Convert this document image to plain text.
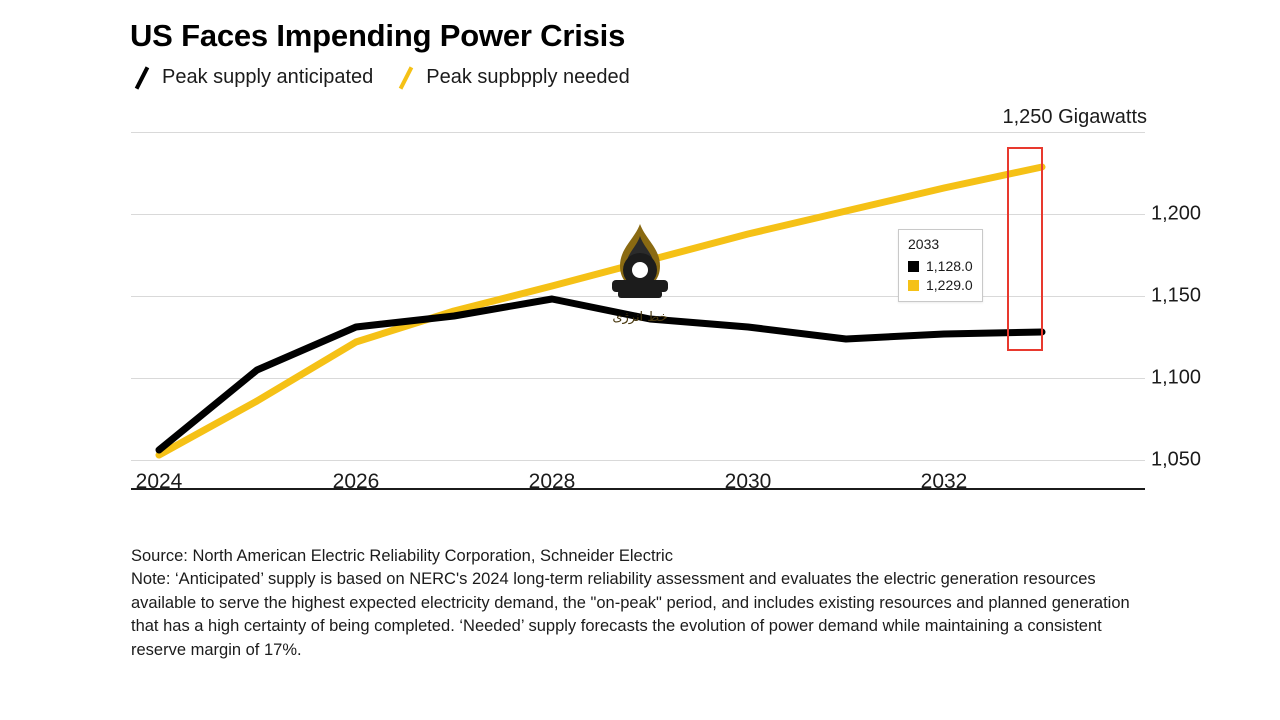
US Faces Impending Power Crisis
Peak supply anticipated	Peak supbpply needed
1,250 Gigawatts
1,200
1,150
1,100
1,050
2024	2026	2028	2030	2032
2033
1,128.0
1,229.0
خط انرژی

Source: North American Electric Reliability Corporation, Schneider Electric

Note: ‘Anticipated’ supply is based on NERC's 2024 long-term reliability assessment and evaluates the electric generation resources available to serve the highest expected electricity demand, the "on-peak" period, and includes existing resources and planned generation that has a high certainty of being completed. ‘Needed’ supply forecasts the evolution of power demand while maintaining a consistent reserve margin of 17%.
